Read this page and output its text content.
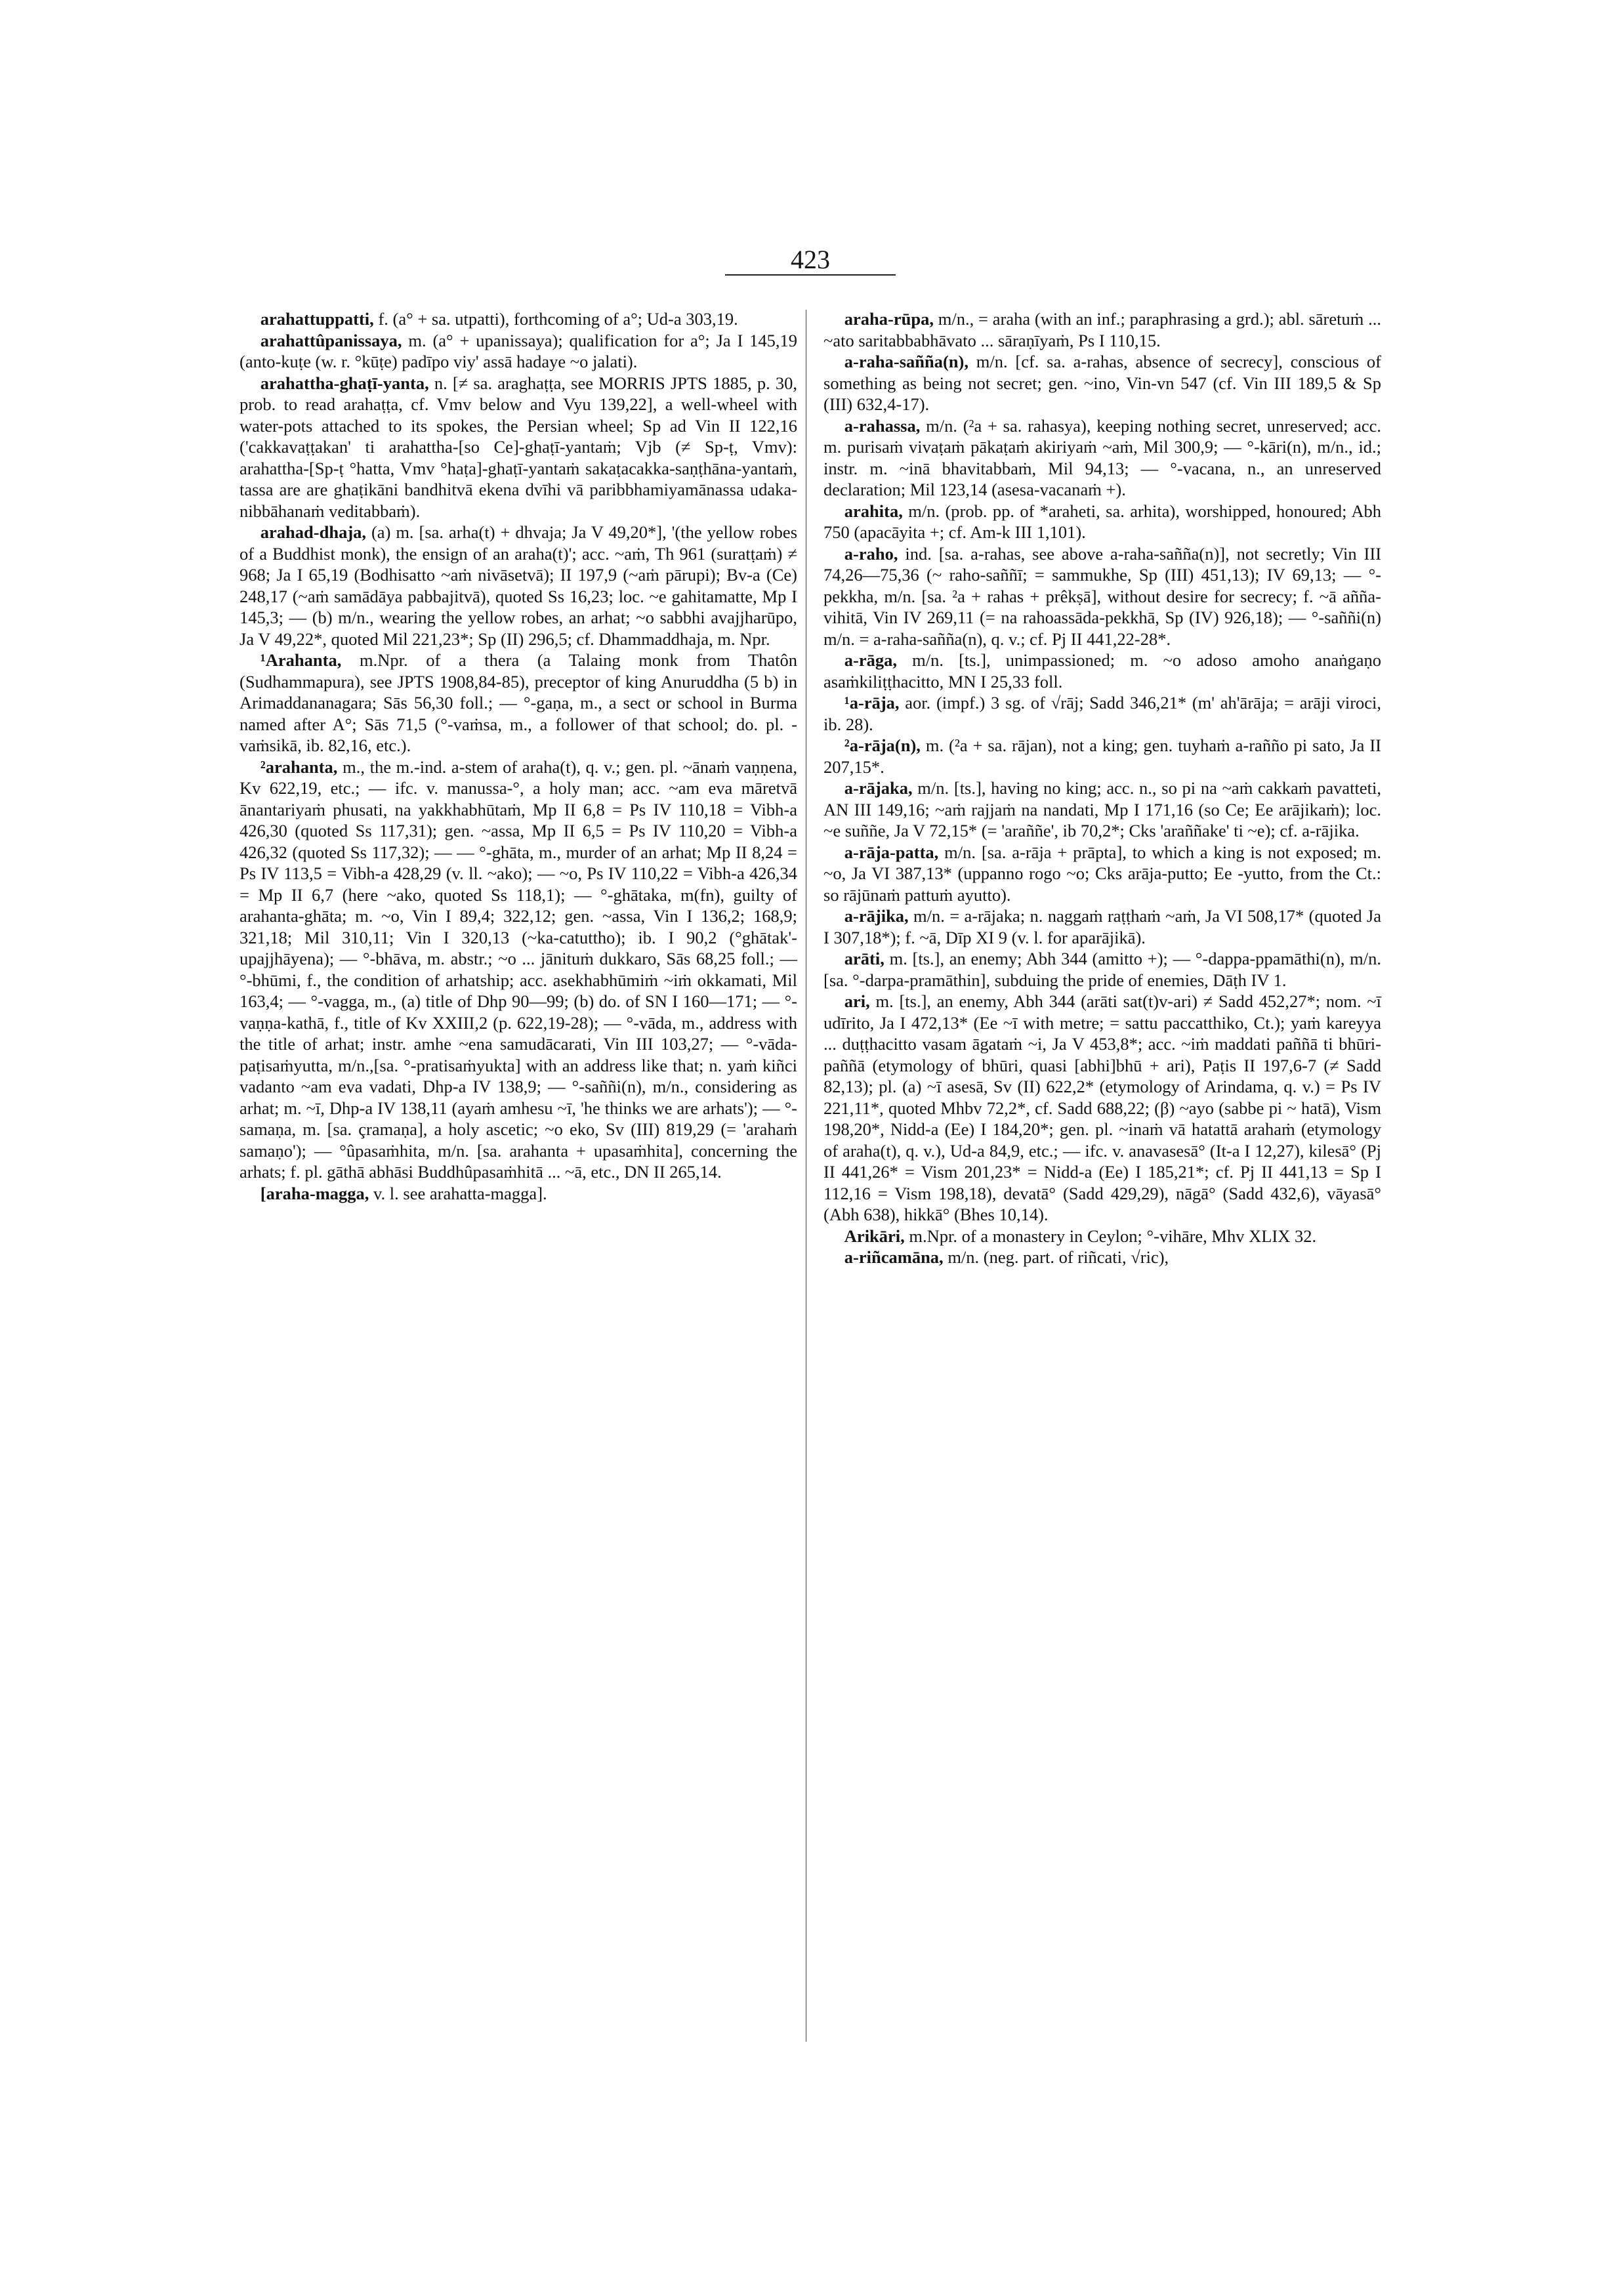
423

arahattuppatti, f. (a° + sa. utpatti), forthcoming of a°; Ud-a 303,19.

arahattûpanissaya, m. (a° + upanissaya); qualification for a°; Ja I 145,19 (anto-kuṭe (w. r. °kūṭe) padīpo viy' assā hadaye ~o jalati).

arahattha-ghaṭī-yanta, n. [≠ sa. araghaṭṭa, see MORRIS JPTS 1885, p. 30, prob. to read arahaṭṭa, cf. Vmv below and Vyu 139,22], a well-wheel with water-pots attached to its spokes, the Persian wheel; Sp ad Vin II 122,16 ('cakkavaṭṭakan' ti arahattha-[so Ce]-ghaṭī-yantaṁ; Vjb (≠ Sp-ṭ, Vmv): arahattha-[Sp-ṭ °hatta, Vmv °haṭa]-ghaṭī-yantaṁ sakaṭacakka-saṇṭhāna-yantaṁ, tassa are are ghaṭikāni bandhitvā ekena dvīhi vā paribbhamiyamānassa udaka-nibbāhanaṁ veditabbaṁ).

arahad-dhaja, (a) m. [sa. arha(t) + dhvaja; Ja V 49,20*], '(the yellow robes of a Buddhist monk), the ensign of an araha(t)'; acc. ~aṁ, Th 961 (suratṭaṁ) ≠ 968; Ja I 65,19 (Bodhisatto ~aṁ nivāsetvā); II 197,9 (~aṁ pārupi); Bv-a (Ce) 248,17 (~aṁ samādāya pabbajitvā), quoted Ss 16,23; loc. ~e gahitamatte, Mp I 145,3; — (b) m/n., wearing the yellow robes, an arhat; ~o sabbhi avajjharūpo, Ja V 49,22*, quoted Mil 221,23*; Sp (II) 296,5; cf. Dhammaddhaja, m. Npr.

¹Arahanta, m.Npr. of a thera (a Talaing monk from Thatôn (Sudhammapura), see JPTS 1908,84-85), preceptor of king Anuruddha (5 b) in Arimaddananagara; Sās 56,30 foll.; — °-gaṇa, m., a sect or school in Burma named after A°; Sās 71,5 (°-vaṁsa, m., a follower of that school; do. pl. -vaṁsikā, ib. 82,16, etc.).

²arahanta, m., the m.-ind. a-stem of araha(t), q. v.; gen. pl. ~ānaṁ vaṇṇena, Kv 622,19, etc.; — ifc. v. manussa-°, a holy man; acc. ~am eva māretvā ānantariyaṁ phusati, na yakkhabhūtaṁ, Mp II 6,8 = Ps IV 110,18 = Vibh-a 426,30 (quoted Ss 117,31); gen. ~assa, Mp II 6,5 = Ps IV 110,20 = Vibh-a 426,32 (quoted Ss 117,32); — — °-ghāta, m., murder of an arhat; Mp II 8,24 = Ps IV 113,5 = Vibh-a 428,29 (v. ll. ~ako); — ~o, Ps IV 110,22 = Vibh-a 426,34 = Mp II 6,7 (here ~ako, quoted Ss 118,1); — °-ghātaka, m(fn), guilty of arahanta-ghāta; m. ~o, Vin I 89,4; 322,12; gen. ~assa, Vin I 136,2; 168,9; 321,18; Mil 310,11; Vin I 320,13 (~ka-catuttho); ib. I 90,2 (°ghātak'-upajjhāyena); — °-bhāva, m. abstr.; ~o ... jānituṁ dukkaro, Sās 68,25 foll.; — °-bhūmi, f., the condition of arhatship; acc. asekhabhūmiṁ ~iṁ okkamati, Mil 163,4; — °-vagga, m., (a) title of Dhp 90—99; (b) do. of SN I 160—171; — °-vaṇṇa-kathā, f., title of Kv XXIII,2 (p. 622,19-28); — °-vāda, m., address with the title of arhat; instr. amhe ~ena samudācarati, Vin III 103,27; — °-vāda-paṭisaṁyutta, m/n.,[sa. °-pratisaṁyukta] with an address like that; n. yaṁ kiñci vadanto ~am eva vadati, Dhp-a IV 138,9; — °-saññi(n), m/n., considering as arhat; m. ~ī, Dhp-a IV 138,11 (ayaṁ amhesu ~ī, 'he thinks we are arhats'); — °-samaṇa, m. [sa. çramaṇa], a holy ascetic; ~o eko, Sv (III) 819,29 (= 'arahaṁ samaṇo'); — °ûpasaṁhita, m/n. [sa. arahanta + upasaṁhita], concerning the arhats; f. pl. gāthā abhāsi Buddhûpasaṁhitā ... ~ā, etc., DN II 265,14.

[araha-magga, v. l. see arahatta-magga].

araha-rūpa, m/n., = araha (with an inf.; paraphrasing a grd.); abl. sāretuṁ ... ~ato saritabbabhāvato ... sāraṇīyaṁ, Ps I 110,15.

a-raha-sañña(n), m/n. [cf. sa. a-rahas, absence of secrecy], conscious of something as being not secret; gen. ~ino, Vin-vn 547 (cf. Vin III 189,5 & Sp (III) 632,4-17).

a-rahassa, m/n. (²a + sa. rahasya), keeping nothing secret, unreserved; acc. m. purisaṁ vivaṭaṁ pākaṭaṁ akiriyaṁ ~aṁ, Mil 300,9; — °-kāri(n), m/n., id.; instr. m. ~inā bhavitabbaṁ, Mil 94,13; — °-vacana, n., an unreserved declaration; Mil 123,14 (asesa-vacanaṁ +).

arahita, m/n. (prob. pp. of *araheti, sa. arhita), worshipped, honoured; Abh 750 (apacāyita +; cf. Am-k III 1,101).

a-raho, ind. [sa. a-rahas, see above a-raha-sañña(n)], not secretly; Vin III 74,26—75,36 (~ raho-saññī; = sammukhe, Sp (III) 451,13); IV 69,13; — °-pekkha, m/n. [sa. ²a + rahas + prêkṣā], without desire for secrecy; f. ~ā añña-vihitā, Vin IV 269,11 (= na rahoassāda-pekkhā, Sp (IV) 926,18); — °-saññi(n) m/n. = a-raha-sañña(n), q. v.; cf. Pj II 441,22-28*.

a-rāga, m/n. [ts.], unimpassioned; m. ~o adoso amoho anaṅgaṇo asaṁkiliṭṭhacitto, MN I 25,33 foll.

¹a-rāja, aor. (impf.) 3 sg. of √rāj; Sadd 346,21* (m' ah'ārāja; = arāji viroci, ib. 28).

²a-rāja(n), m. (²a + sa. rājan), not a king; gen. tuyhaṁ a-rañño pi sato, Ja II 207,15*.

a-rājaka, m/n. [ts.], having no king; acc. n., so pi na ~aṁ cakkaṁ pavatteti, AN III 149,16; ~aṁ rajjaṁ na nandati, Mp I 171,16 (so Ce; Ee arājikaṁ); loc. ~e suññe, Ja V 72,15* (= 'araññe', ib 70,2*; Cks 'araññake' ti ~e); cf. a-rājika.

a-rāja-patta, m/n. [sa. a-rāja + prāpta], to which a king is not exposed; m. ~o, Ja VI 387,13* (uppanno rogo ~o; Cks arāja-putto; Ee -yutto, from the Ct.: so rājūnaṁ pattuṁ ayutto).

a-rājika, m/n. = a-rājaka; n. naggaṁ raṭṭhaṁ ~aṁ, Ja VI 508,17* (quoted Ja I 307,18*); f. ~ā, Dīp XI 9 (v. l. for aparājikā).

arāti, m. [ts.], an enemy; Abh 344 (amitto +); — °-dappa-ppamāthi(n), m/n. [sa. °-darpa-pramāthin], subduing the pride of enemies, Dāṭh IV 1.

ari, m. [ts.], an enemy, Abh 344 (arāti sat(t)v-ari) ≠ Sadd 452,27*; nom. ~ī udīrito, Ja I 472,13* (Ee ~ī with metre; = sattu paccatthiko, Ct.); yaṁ kareyya ... duṭṭhacitto vasam āgataṁ ~i, Ja V 453,8*; acc. ~iṁ maddati paññā ti bhūri-paññā (etymology of bhūri, quasi [abhi]bhū + ari), Paṭis II 197,6-7 (≠ Sadd 82,13); pl. (a) ~ī asesā, Sv (II) 622,2* (etymology of Arindama, q. v.) = Ps IV 221,11*, quoted Mhbv 72,2*, cf. Sadd 688,22; (β) ~ayo (sabbe pi ~ hatā), Vism 198,20*, Nidd-a (Ee) I 184,20*; gen. pl. ~inaṁ vā hatattā arahaṁ (etymology of araha(t), q. v.), Ud-a 84,9, etc.; — ifc. v. anavasesā° (It-a I 12,27), kilesā° (Pj II 441,26* = Vism 201,23* = Nidd-a (Ee) I 185,21*; cf. Pj II 441,13 = Sp I 112,16 = Vism 198,18), devatā° (Sadd 429,29), nāgā° (Sadd 432,6), vāyasā° (Abh 638), hikkā° (Bhes 10,14).

Arikāri, m.Npr. of a monastery in Ceylon; °-vihāre, Mhv XLIX 32.

a-riñcamāna, m/n. (neg. part. of riñcati, √ric),
